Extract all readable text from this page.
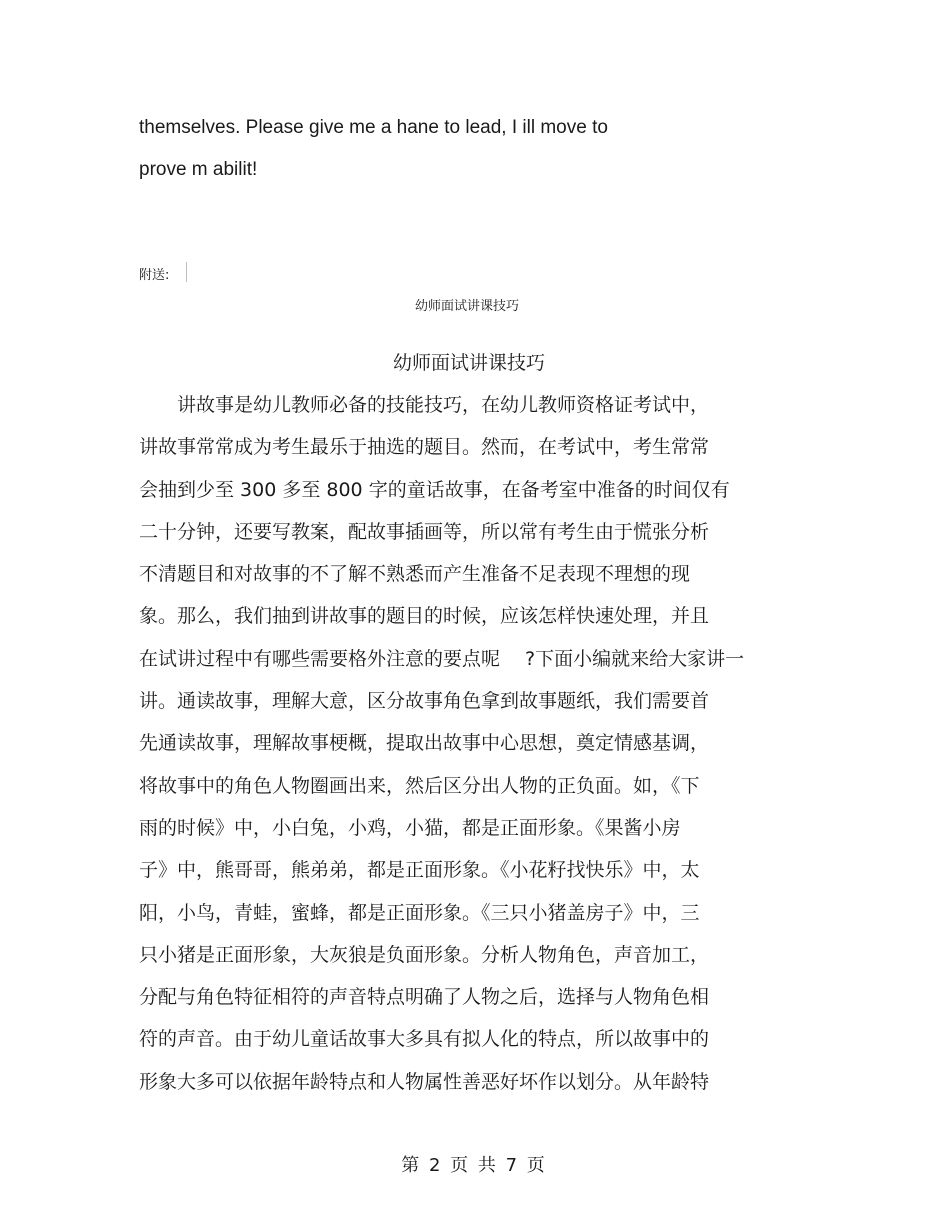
themselves. Please give me a hane to lead, I ill move to
prove m abilit!
附送:
幼师面试讲课技巧
幼师面试讲课技巧
　　讲故事是幼儿教师必备的技能技巧，在幼儿教师资格证考试中，
讲故事常常成为考生最乐于抽选的题目。然而，在考试中，考生常常
会抽到少至 300 多至 800 字的童话故事，在备考室中准备的时间仅有
二十分钟，还要写教案，配故事插画等，所以常有考生由于慌张分析
不清题目和对故事的不了解不熟悉而产生准备不足表现不理想的现
象。那么，我们抽到讲故事的题目的时候，应该怎样快速处理，并且
在试讲过程中有哪些需要格外注意的要点呢　 ?下面小编就来给大家讲一
讲。通读故事，理解大意，区分故事角色拿到故事题纸，我们需要首
先通读故事，理解故事梗概，提取出故事中心思想，奠定情感基调，
将故事中的角色人物圈画出来，然后区分出人物的正负面。如，《下
雨的时候》中，小白兔，小鸡，小猫，都是正面形象。《果酱小房
子》中，熊哥哥，熊弟弟，都是正面形象。《小花籽找快乐》中，太
阳，小鸟，青蛙，蜜蜂，都是正面形象。《三只小猪盖房子》中，三
只小猪是正面形象，大灰狼是负面形象。分析人物角色，声音加工，
分配与角色特征相符的声音特点明确了人物之后，选择与人物角色相
符的声音。由于幼儿童话故事大多具有拟人化的特点，所以故事中的
形象大多可以依据年龄特点和人物属性善恶好坏作以划分。从年龄特
第 2 页 共 7 页
